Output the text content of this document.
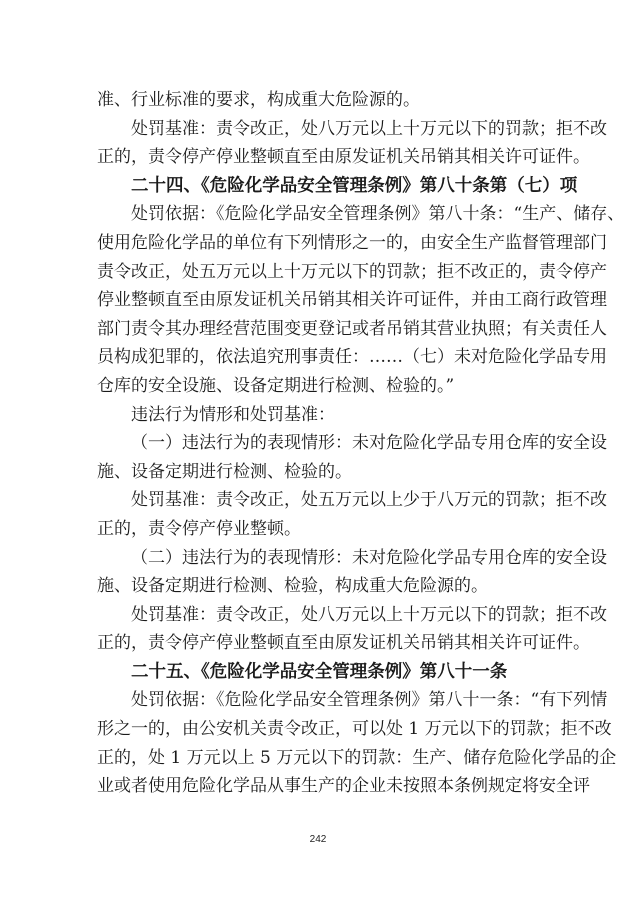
准、行业标准的要求，构成重大危险源的。
处罚基准：责令改正，处八万元以上十万元以下的罚款；拒不改
正的，责令停产停业整顿直至由原发证机关吊销其相关许可证件。
二十四、《危险化学品安全管理条例》第八十条第（七）项
处罚依据：《危险化学品安全管理条例》第八十条：“生产、储存、
使用危险化学品的单位有下列情形之一的，由安全生产监督管理部门
责令改正，处五万元以上十万元以下的罚款；拒不改正的，责令停产
停业整顿直至由原发证机关吊销其相关许可证件，并由工商行政管理
部门责令其办理经营范围变更登记或者吊销其营业执照；有关责任人
员构成犯罪的，依法追究刑事责任：……（七）未对危险化学品专用
仓库的安全设施、设备定期进行检测、检验的。”
违法行为情形和处罚基准：
（一）违法行为的表现情形：未对危险化学品专用仓库的安全设
施、设备定期进行检测、检验的。
处罚基准：责令改正，处五万元以上少于八万元的罚款；拒不改
正的，责令停产停业整顿。
（二）违法行为的表现情形：未对危险化学品专用仓库的安全设
施、设备定期进行检测、检验，构成重大危险源的。
处罚基准：责令改正，处八万元以上十万元以下的罚款；拒不改
正的，责令停产停业整顿直至由原发证机关吊销其相关许可证件。
二十五、《危险化学品安全管理条例》第八十一条
处罚依据：《危险化学品安全管理条例》第八十一条：“有下列情
形之一的，由公安机关责令改正，可以处 1 万元以下的罚款；拒不改
正的，处 1 万元以上 5 万元以下的罚款：生产、储存危险化学品的企
业或者使用危险化学品从事生产的企业未按照本条例规定将安全评
242
